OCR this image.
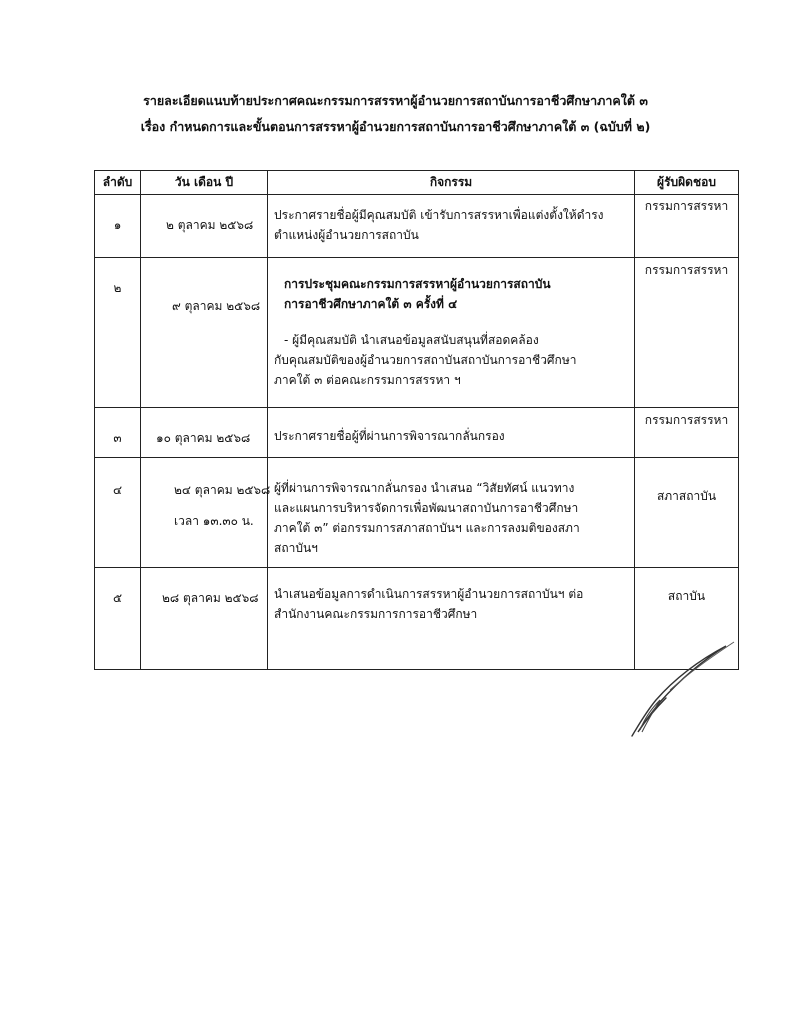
รายละเอียดแนบท้ายประกาศคณะกรรมการสรรหาผู้อำนวยการสถาบันการอาชีวศึกษาภาคใต้ ๓
เรื่อง กำหนดการและขั้นตอนการสรรหาผู้อำนวยการสถาบันการอาชีวศึกษาภาคใต้ ๓ (ฉบับที่ ๒)
ลำดับ	วัน เดือน ปี	กิจกรรม	ผู้รับผิดชอบ

๑	๒ ตุลาคม ๒๕๖๘	ประกาศรายชื่อผู้มีคุณสมบัติ เข้ารับการสรรหาเพื่อแต่งตั้งให้ดำรง
ตำแหน่งผู้อำนวยการสถาบัน	กรรมการสรรหา

๒	๙ ตุลาคม ๒๕๖๘	การประชุมคณะกรรมการสรรหาผู้อำนวยการสถาบัน
การอาชีวศึกษาภาคใต้ ๓ ครั้งที่ ๔
- ผู้มีคุณสมบัติ นำเสนอข้อมูลสนับสนุนที่สอดคล้อง
กับคุณสมบัติของผู้อำนวยการสถาบันสถาบันการอาชีวศึกษา
ภาคใต้ ๓ ต่อคณะกรรมการสรรหา ฯ	กรรมการสรรหา

๓	๑๐ ตุลาคม ๒๕๖๘	ประกาศรายชื่อผู้ที่ผ่านการพิจารณากลั่นกรอง	กรรมการสรรหา

๔	๒๔ ตุลาคม ๒๕๖๘
เวลา ๑๓.๓๐ น.	ผู้ที่ผ่านการพิจารณากลั่นกรอง นำเสนอ “วิสัยทัศน์ แนวทาง
และแผนการบริหารจัดการเพื่อพัฒนาสถาบันการอาชีวศึกษา
ภาคใต้ ๓” ต่อกรรมการสภาสถาบันฯ และการลงมติของสภา
สถาบันฯ	สภาสถาบัน

๕	๒๘ ตุลาคม ๒๕๖๘	นำเสนอข้อมูลการดำเนินการสรรหาผู้อำนวยการสถาบันฯ ต่อ
สำนักงานคณะกรรมการการอาชีวศึกษา	สถาบัน
